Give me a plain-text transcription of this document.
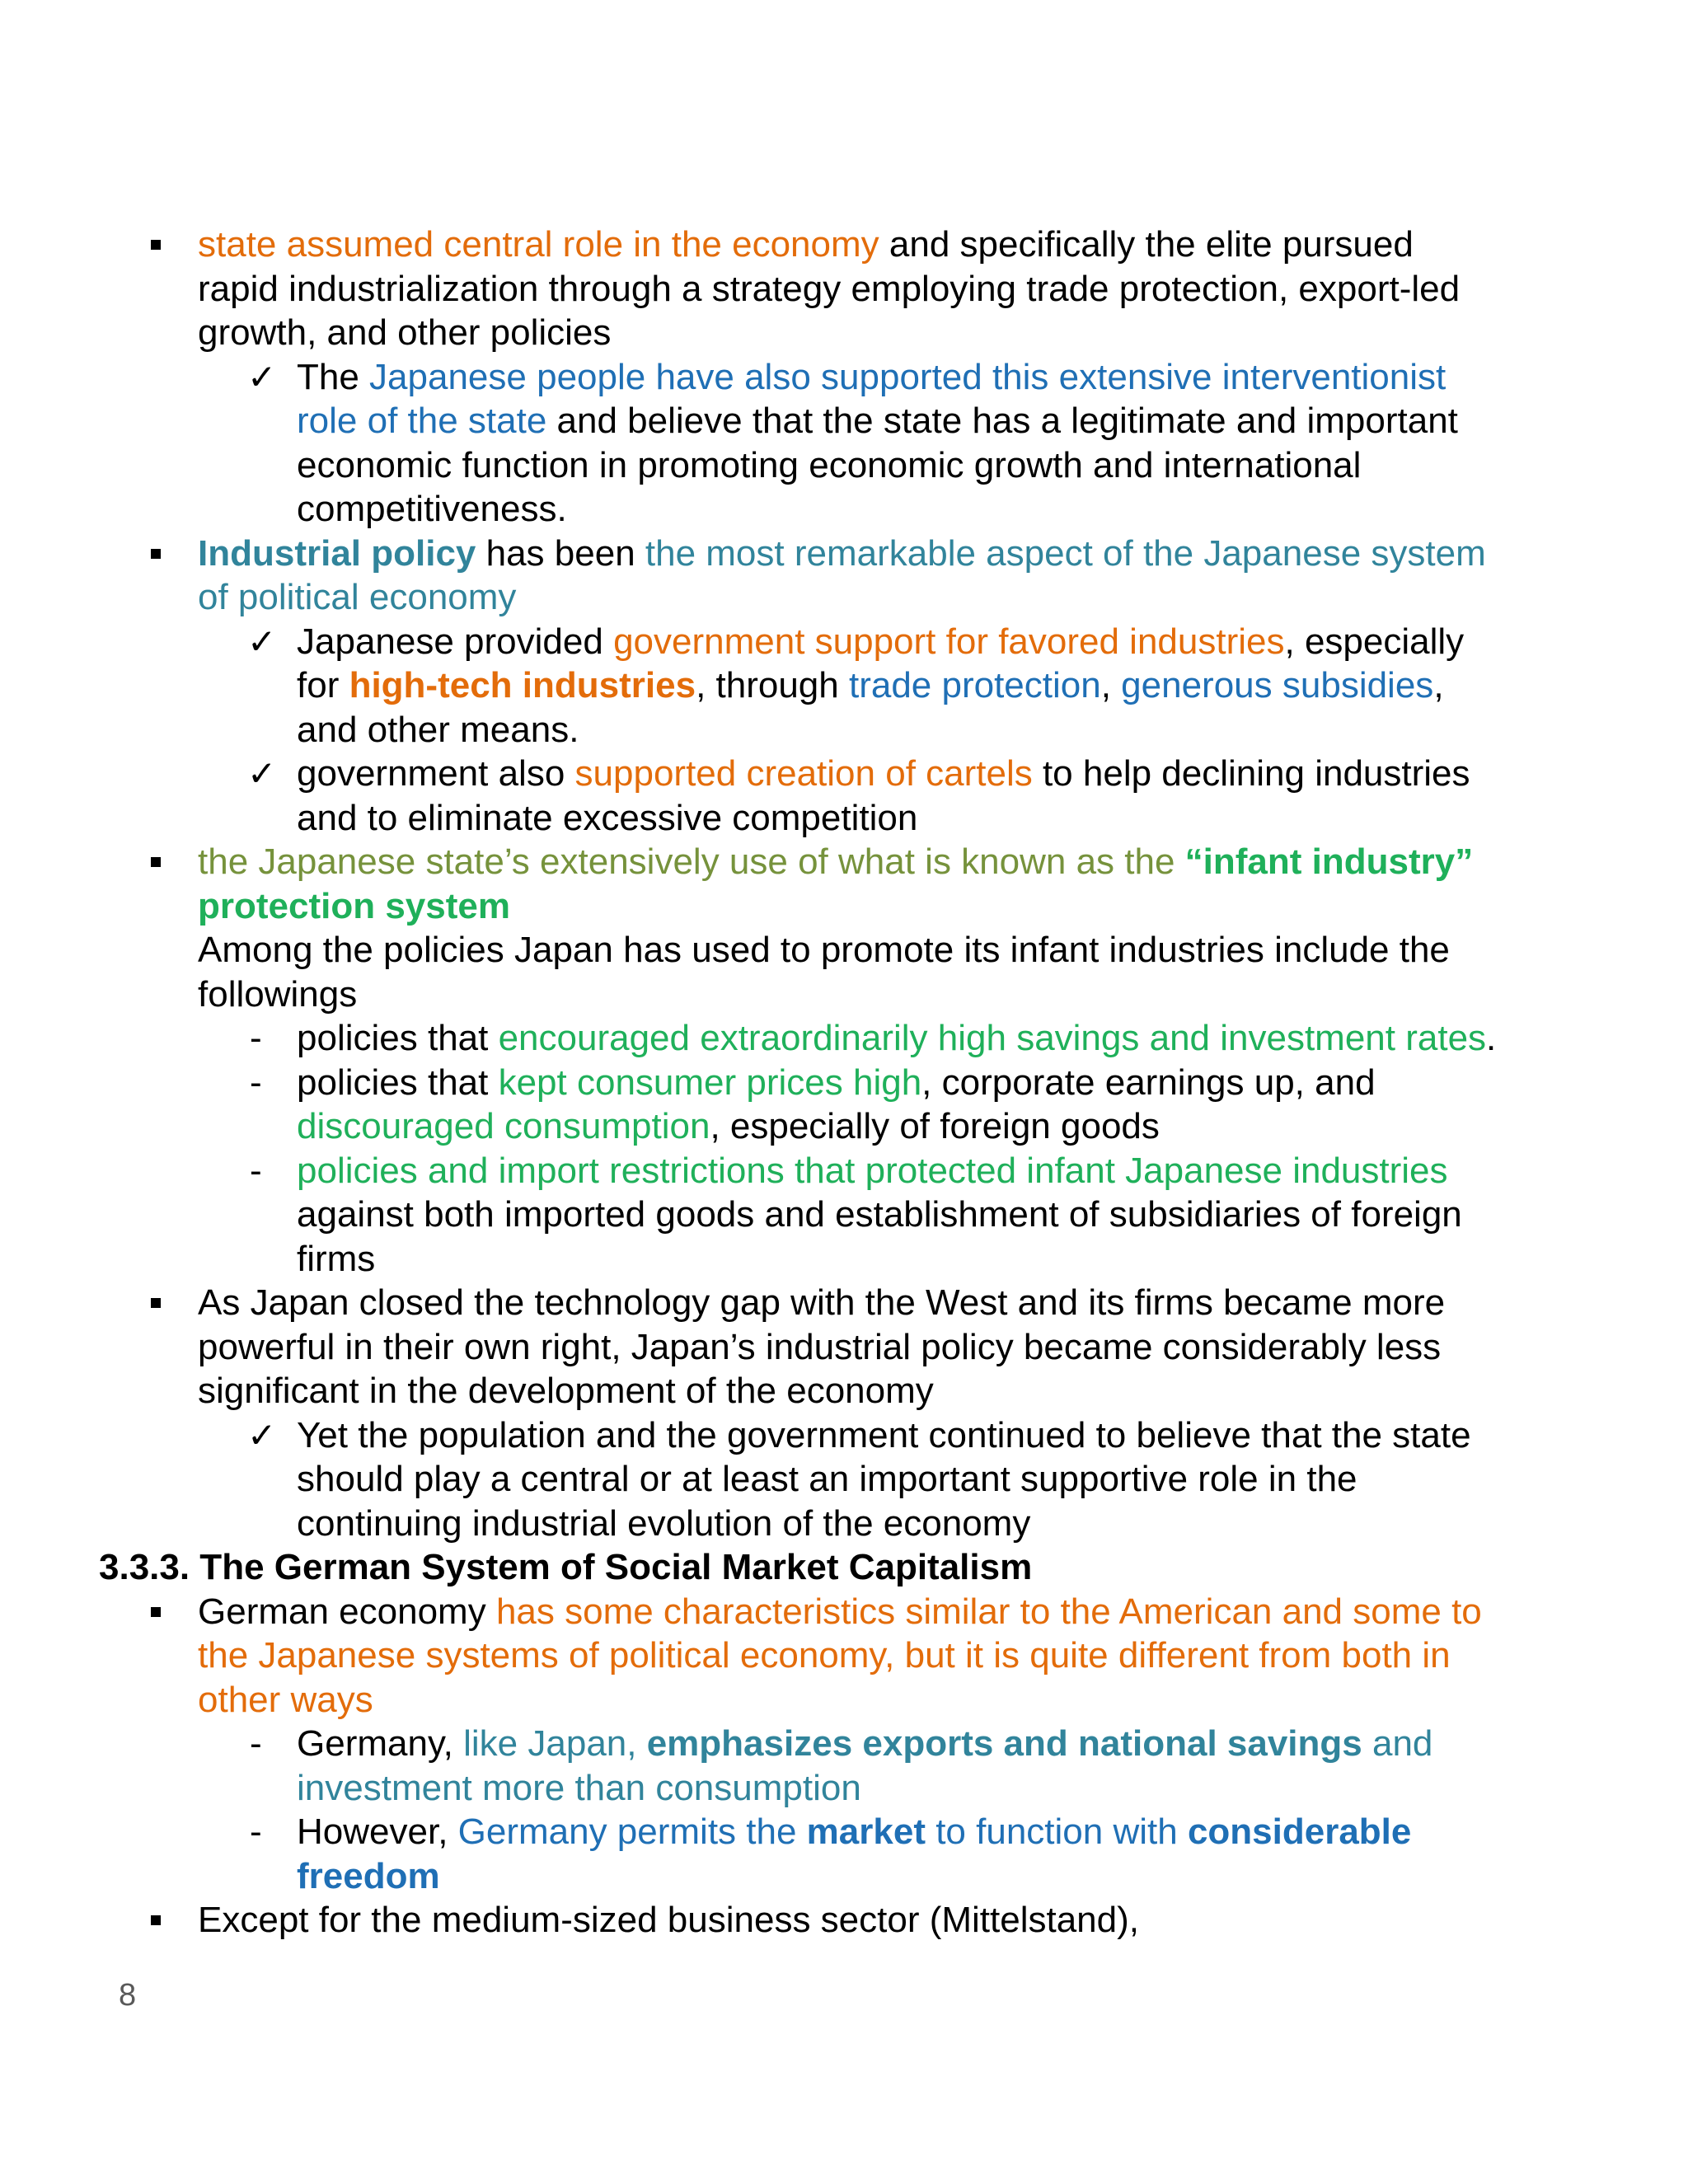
state assumed central role in the economy and specifically the elite pursued
rapid industrialization through a strategy employing trade protection, export-led
growth, and other policies
✓ The Japanese people have also supported this extensive interventionist
role of the state and believe that the state has a legitimate and important
economic function in promoting economic growth and international
competitiveness.
Industrial policy has been the most remarkable aspect of the Japanese system
of political economy
✓ Japanese provided government support for favored industries, especially
for high-tech industries, through trade protection, generous subsidies,
and other means.
✓ government also supported creation of cartels to help declining industries
and to eliminate excessive competition
the Japanese state’s extensively use of what is known as the “infant industry”
protection system
Among the policies Japan has used to promote its infant industries include the
followings
- policies that encouraged extraordinarily high savings and investment rates.
- policies that kept consumer prices high, corporate earnings up, and
discouraged consumption, especially of foreign goods
- policies and import restrictions that protected infant Japanese industries
against both imported goods and establishment of subsidiaries of foreign
firms
As Japan closed the technology gap with the West and its firms became more
powerful in their own right, Japan’s industrial policy became considerably less
significant in the development of the economy
✓ Yet the population and the government continued to believe that the state
should play a central or at least an important supportive role in the
continuing industrial evolution of the economy
3.3.3. The German System of Social Market Capitalism
German economy has some characteristics similar to the American and some to
the Japanese systems of political economy, but it is quite different from both in
other ways
- Germany, like Japan, emphasizes exports and national savings and
investment more than consumption
- However, Germany permits the market to function with considerable
freedom
Except for the medium-sized business sector (Mittelstand),
8
